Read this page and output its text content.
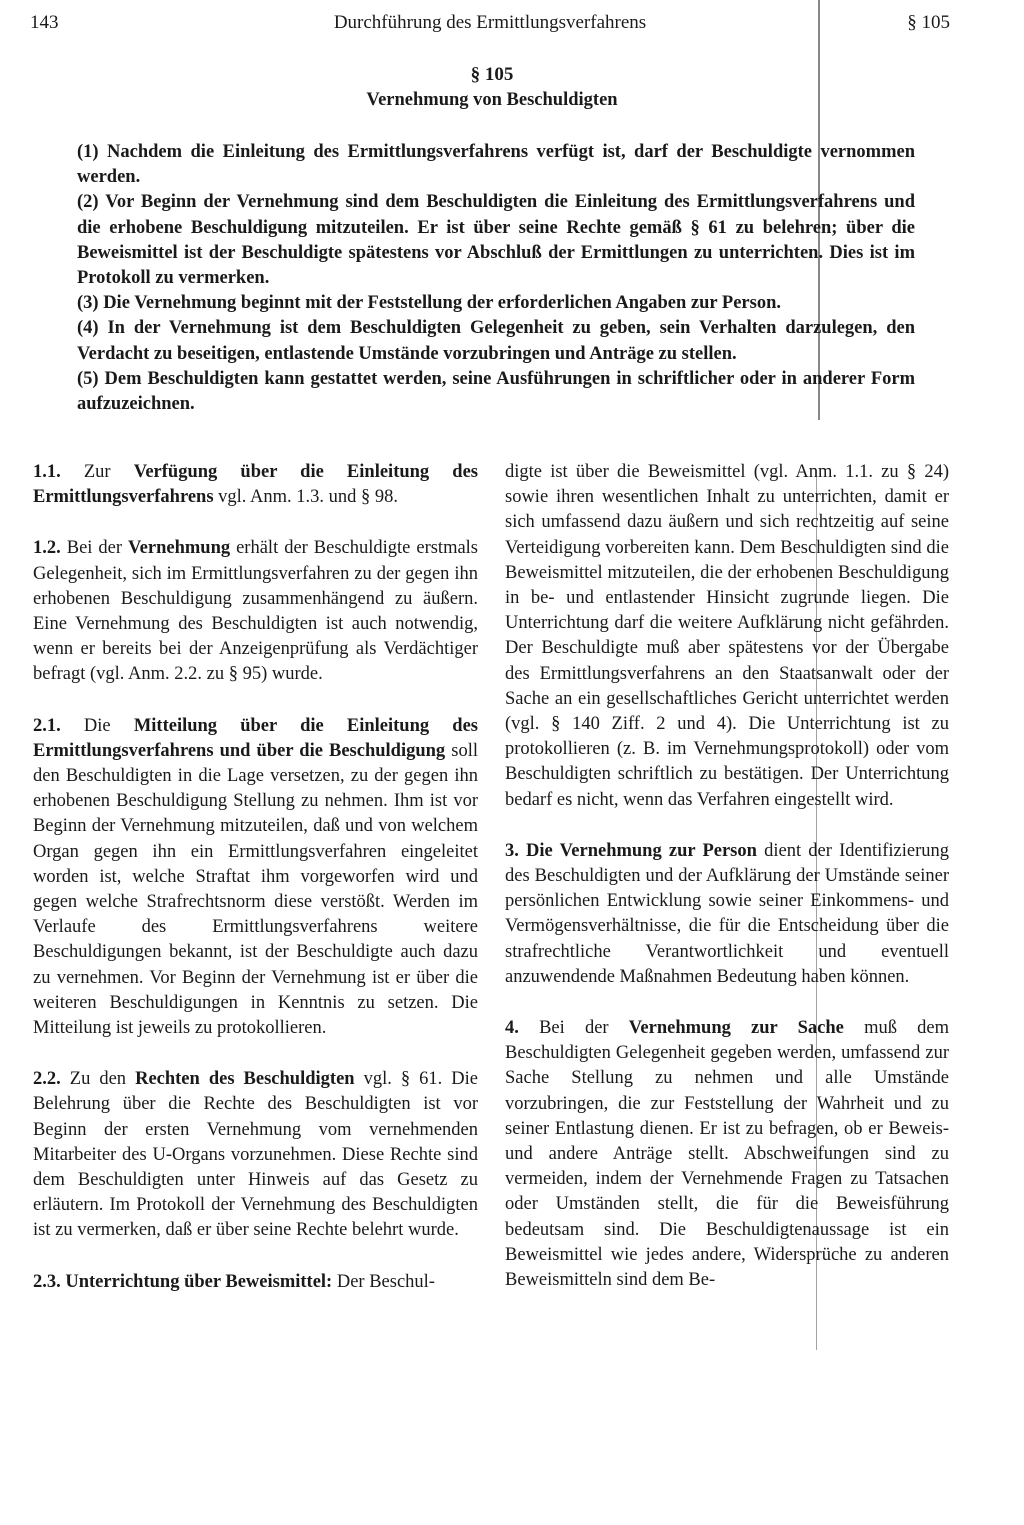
143	Durchführung des Ermittlungsverfahrens	§ 105
§ 105
Vernehmung von Beschuldigten

(1) Nachdem die Einleitung des Ermittlungsverfahrens verfügt ist, darf der Beschuldigte vernommen werden.

(2) Vor Beginn der Vernehmung sind dem Beschuldigten die Einleitung des Ermittlungsverfahrens und die erhobene Beschuldigung mitzuteilen. Er ist über seine Rechte gemäß § 61 zu belehren; über die Beweismittel ist der Beschuldigte spätestens vor Abschluß der Ermittlungen zu unterrichten. Dies ist im Protokoll zu vermerken.

(3) Die Vernehmung beginnt mit der Feststellung der erforderlichen Angaben zur Person.

(4) In der Vernehmung ist dem Beschuldigten Gelegenheit zu geben, sein Verhalten darzulegen, den Verdacht zu beseitigen, entlastende Umstände vorzubringen und Anträge zu stellen.

(5) Dem Beschuldigten kann gestattet werden, seine Ausführungen in schriftlicher oder in anderer Form aufzuzeichnen.

1.1. Zur Verfügung über die Einleitung des Ermittlungsverfahrens vgl. Anm. 1.3. und § 98.

1.2. Bei der Vernehmung erhält der Beschuldigte erstmals Gelegenheit, sich im Ermittlungsverfahren zu der gegen ihn erhobenen Beschuldigung zusammenhängend zu äußern. Eine Vernehmung des Beschuldigten ist auch notwendig, wenn er bereits bei der Anzeigenprüfung als Verdächtiger befragt (vgl. Anm. 2.2. zu § 95) wurde.

2.1. Die Mitteilung über die Einleitung des Ermittlungsverfahrens und über die Beschuldigung soll den Beschuldigten in die Lage versetzen, zu der gegen ihn erhobenen Beschuldigung Stellung zu nehmen. Ihm ist vor Beginn der Vernehmung mitzuteilen, daß und von welchem Organ gegen ihn ein Ermittlungsverfahren eingeleitet worden ist, welche Straftat ihm vorgeworfen wird und gegen welche Strafrechtsnorm diese verstößt. Werden im Verlaufe des Ermittlungsverfahrens weitere Beschuldigungen bekannt, ist der Beschuldigte auch dazu zu vernehmen. Vor Beginn der Vernehmung ist er über die weiteren Beschuldigungen in Kenntnis zu setzen. Die Mitteilung ist jeweils zu protokollieren.

2.2. Zu den Rechten des Beschuldigten vgl. § 61. Die Belehrung über die Rechte des Beschuldigten ist vor Beginn der ersten Vernehmung vom vernehmenden Mitarbeiter des U-Organs vorzunehmen. Diese Rechte sind dem Beschuldigten unter Hinweis auf das Gesetz zu erläutern. Im Protokoll der Vernehmung des Beschuldigten ist zu vermerken, daß er über seine Rechte belehrt wurde.

2.3. Unterrichtung über Beweismittel: Der Beschul-

digte ist über die Beweismittel (vgl. Anm. 1.1. zu § 24) sowie ihren wesentlichen Inhalt zu unterrichten, damit er sich umfassend dazu äußern und sich rechtzeitig auf seine Verteidigung vorbereiten kann. Dem Beschuldigten sind die Beweismittel mitzuteilen, die der erhobenen Beschuldigung in be- und entlastender Hinsicht zugrunde liegen. Die Unterrichtung darf die weitere Aufklärung nicht gefährden. Der Beschuldigte muß aber spätestens vor der Übergabe des Ermittlungsverfahrens an den Staatsanwalt oder der Sache an ein gesellschaftliches Gericht unterrichtet werden (vgl. § 140 Ziff. 2 und 4). Die Unterrichtung ist zu protokollieren (z. B. im Vernehmungsprotokoll) oder vom Beschuldigten schriftlich zu bestätigen. Der Unterrichtung bedarf es nicht, wenn das Verfahren eingestellt wird.

3. Die Vernehmung zur Person dient der Identifizierung des Beschuldigten und der Aufklärung der Umstände seiner persönlichen Entwicklung sowie seiner Einkommens- und Vermögensverhältnisse, die für die Entscheidung über die strafrechtliche Verantwortlichkeit und eventuell anzuwendende Maßnahmen Bedeutung haben können.

4. Bei der Vernehmung zur Sache muß dem Beschuldigten Gelegenheit gegeben werden, umfassend zur Sache Stellung zu nehmen und alle Umstände vorzubringen, die zur Feststellung der Wahrheit und zu seiner Entlastung dienen. Er ist zu befragen, ob er Beweis- und andere Anträge stellt. Abschweifungen sind zu vermeiden, indem der Vernehmende Fragen zu Tatsachen oder Umständen stellt, die für die Beweisführung bedeutsam sind. Die Beschuldigtenaussage ist ein Beweismittel wie jedes andere, Widersprüche zu anderen Beweismitteln sind dem Be-
